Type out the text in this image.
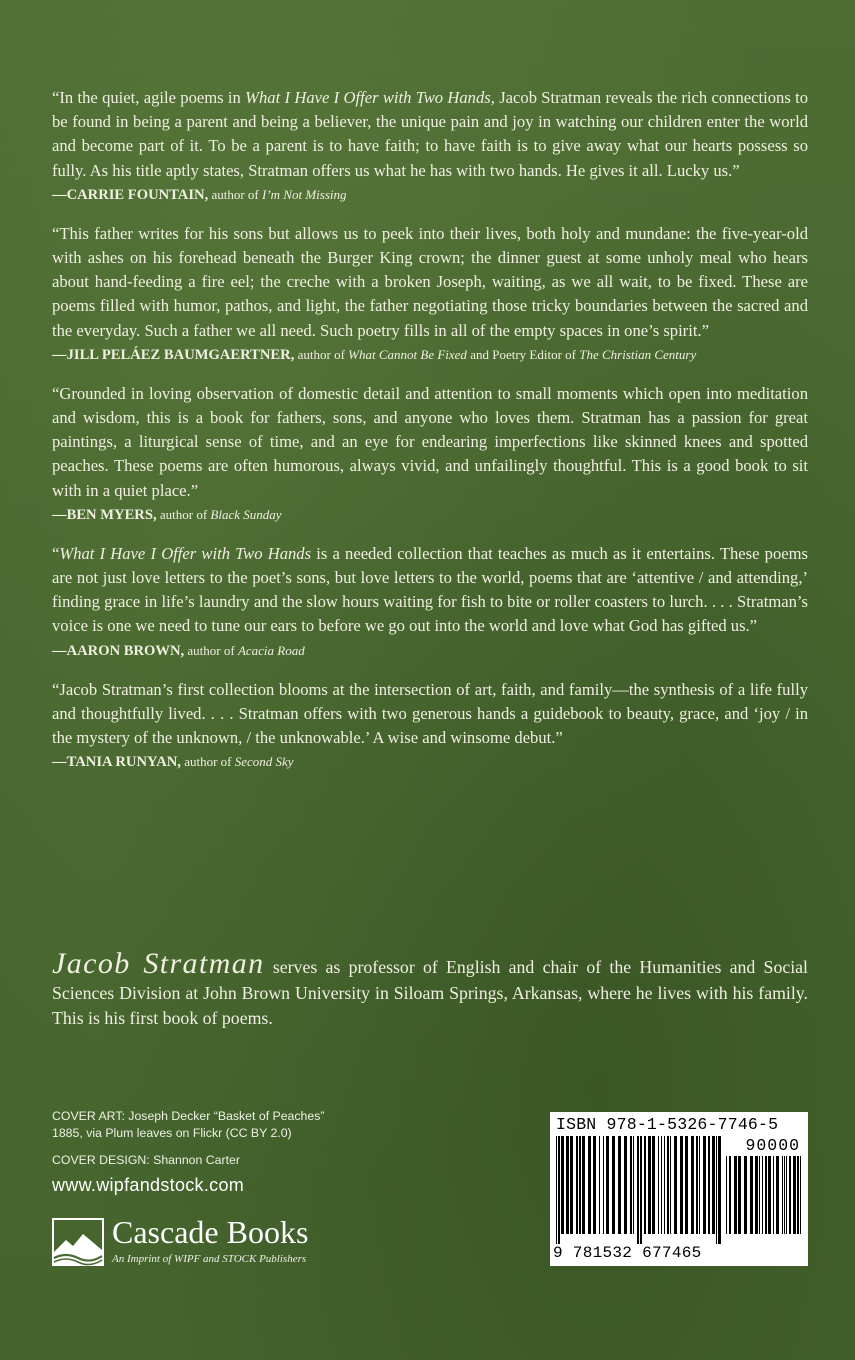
“In the quiet, agile poems in What I Have I Offer with Two Hands, Jacob Stratman reveals the rich connections to be found in being a parent and being a believer, the unique pain and joy in watching our children enter the world and become part of it. To be a parent is to have faith; to have faith is to give away what our hearts possess so fully. As his title aptly states, Stratman offers us what he has with two hands. He gives it all. Lucky us.”

—CARRIE FOUNTAIN, author of I’m Not Missing

“This father writes for his sons but allows us to peek into their lives, both holy and mundane: the five-year-old with ashes on his forehead beneath the Burger King crown; the dinner guest at some unholy meal who hears about hand-feeding a fire eel; the creche with a broken Joseph, waiting, as we all wait, to be fixed. These are poems filled with humor, pathos, and light, the father negotiating those tricky boundaries between the sacred and the everyday. Such a father we all need. Such poetry fills in all of the empty spaces in one’s spirit.”

—JILL PELÁEZ BAUMGAERTNER, author of What Cannot Be Fixed and Poetry Editor of The Christian Century

“Grounded in loving observation of domestic detail and attention to small moments which open into meditation and wisdom, this is a book for fathers, sons, and anyone who loves them. Stratman has a passion for great paintings, a liturgical sense of time, and an eye for endearing imperfections like skinned knees and spotted peaches. These poems are often humorous, always vivid, and unfailingly thoughtful. This is a good book to sit with in a quiet place.”

—BEN MYERS, author of Black Sunday

“What I Have I Offer with Two Hands is a needed collection that teaches as much as it entertains. These poems are not just love letters to the poet’s sons, but love letters to the world, poems that are ‘attentive / and attending,’ finding grace in life’s laundry and the slow hours waiting for fish to bite or roller coasters to lurch. . . . Stratman’s voice is one we need to tune our ears to before we go out into the world and love what God has gifted us.”

—AARON BROWN, author of Acacia Road

“Jacob Stratman’s first collection blooms at the intersection of art, faith, and family—the synthesis of a life fully and thoughtfully lived. . . . Stratman offers with two generous hands a guidebook to beauty, grace, and ‘joy / in the mystery of the unknown, / the unknowable.’ A wise and winsome debut.”

—TANIA RUNYAN, author of Second Sky

Jacob Stratman serves as professor of English and chair of the Humanities and Social Sciences Division at John Brown University in Siloam Springs, Arkansas, where he lives with his family. This is his first book of poems.

COVER ART: Joseph Decker “Basket of Peaches”
1885, via Plum leaves on Flickr (CC BY 2.0)
COVER DESIGN: Shannon Carter
www.wipfandstock.com
Cascade Books
An Imprint of WIPF and STOCK Publishers
ISBN 978-1-5326-7746-5
90000
9 781532 677465
